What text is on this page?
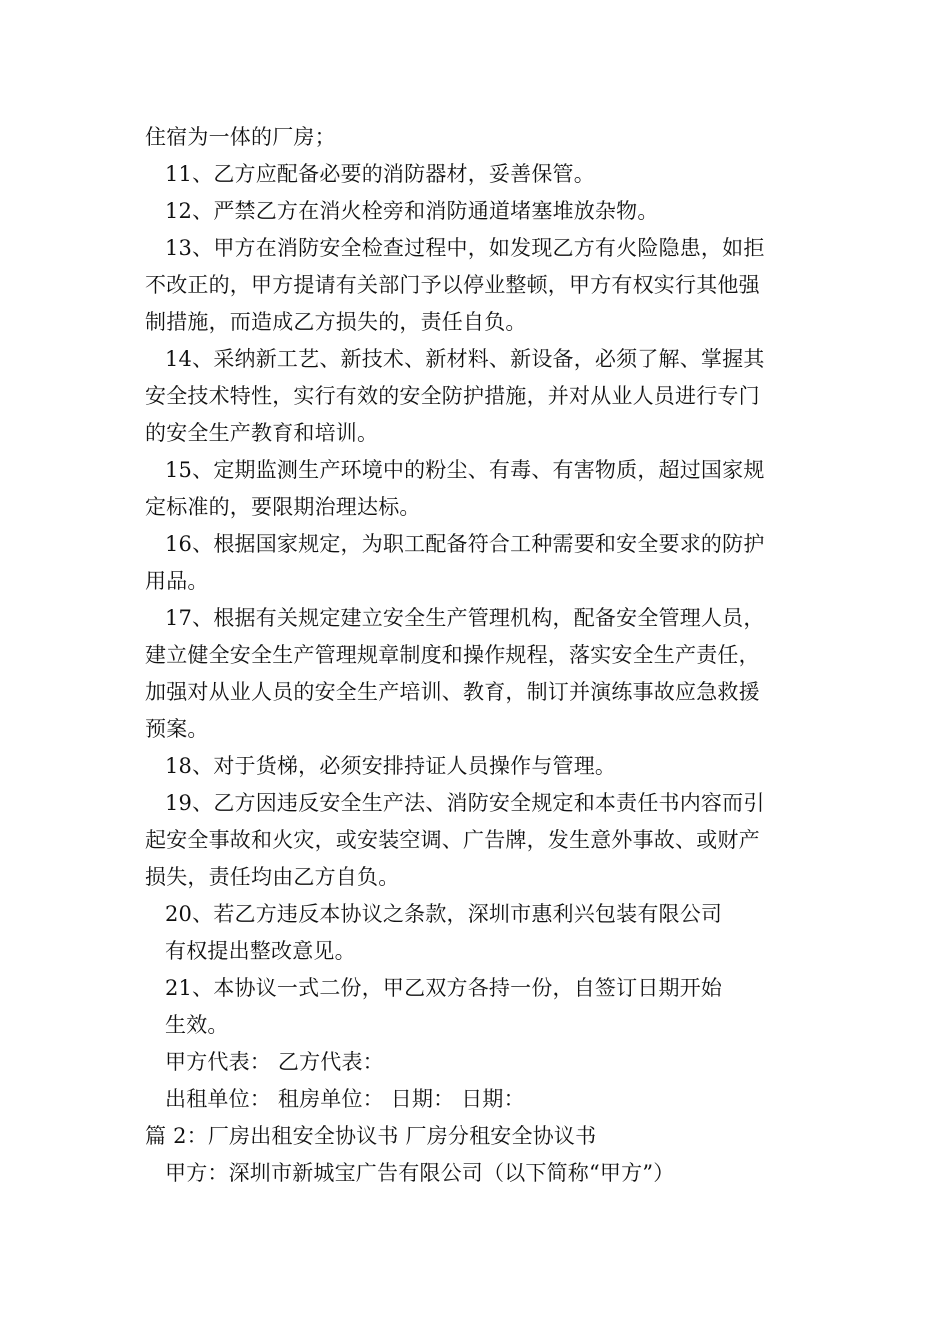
住宿为一体的厂房；
11、乙方应配备必要的消防器材，妥善保管。
12、严禁乙方在消火栓旁和消防通道堵塞堆放杂物。
13、甲方在消防安全检查过程中，如发现乙方有火险隐患，如拒
不改正的，甲方提请有关部门予以停业整顿，甲方有权实行其他强
制措施，而造成乙方损失的，责任自负。
14、采纳新工艺、新技术、新材料、新设备，必须了解、掌握其
安全技术特性，实行有效的安全防护措施，并对从业人员进行专门
的安全生产教育和培训。
15、定期监测生产环境中的粉尘、有毒、有害物质，超过国家规
定标准的，要限期治理达标。
16、根据国家规定，为职工配备符合工种需要和安全要求的防护
用品。
17、根据有关规定建立安全生产管理机构，配备安全管理人员，
建立健全安全生产管理规章制度和操作规程，落实安全生产责任，
加强对从业人员的安全生产培训、教育，制订并演练事故应急救援
预案。
18、对于货梯，必须安排持证人员操作与管理。
19、乙方因违反安全生产法、消防安全规定和本责任书内容而引
起安全事故和火灾，或安装空调、广告牌，发生意外事故、或财产
损失，责任均由乙方自负。
20、若乙方违反本协议之条款，深圳市惠利兴包装有限公司
有权提出整改意见。
21、本协议一式二份，甲乙双方各持一份，自签订日期开始
生效。
甲方代表： 乙方代表：
出租单位： 租房单位： 日期： 日期：
篇 2：厂房出租安全协议书 厂房分租安全协议书
甲方：深圳市新城宝广告有限公司（以下简称“甲方”）
